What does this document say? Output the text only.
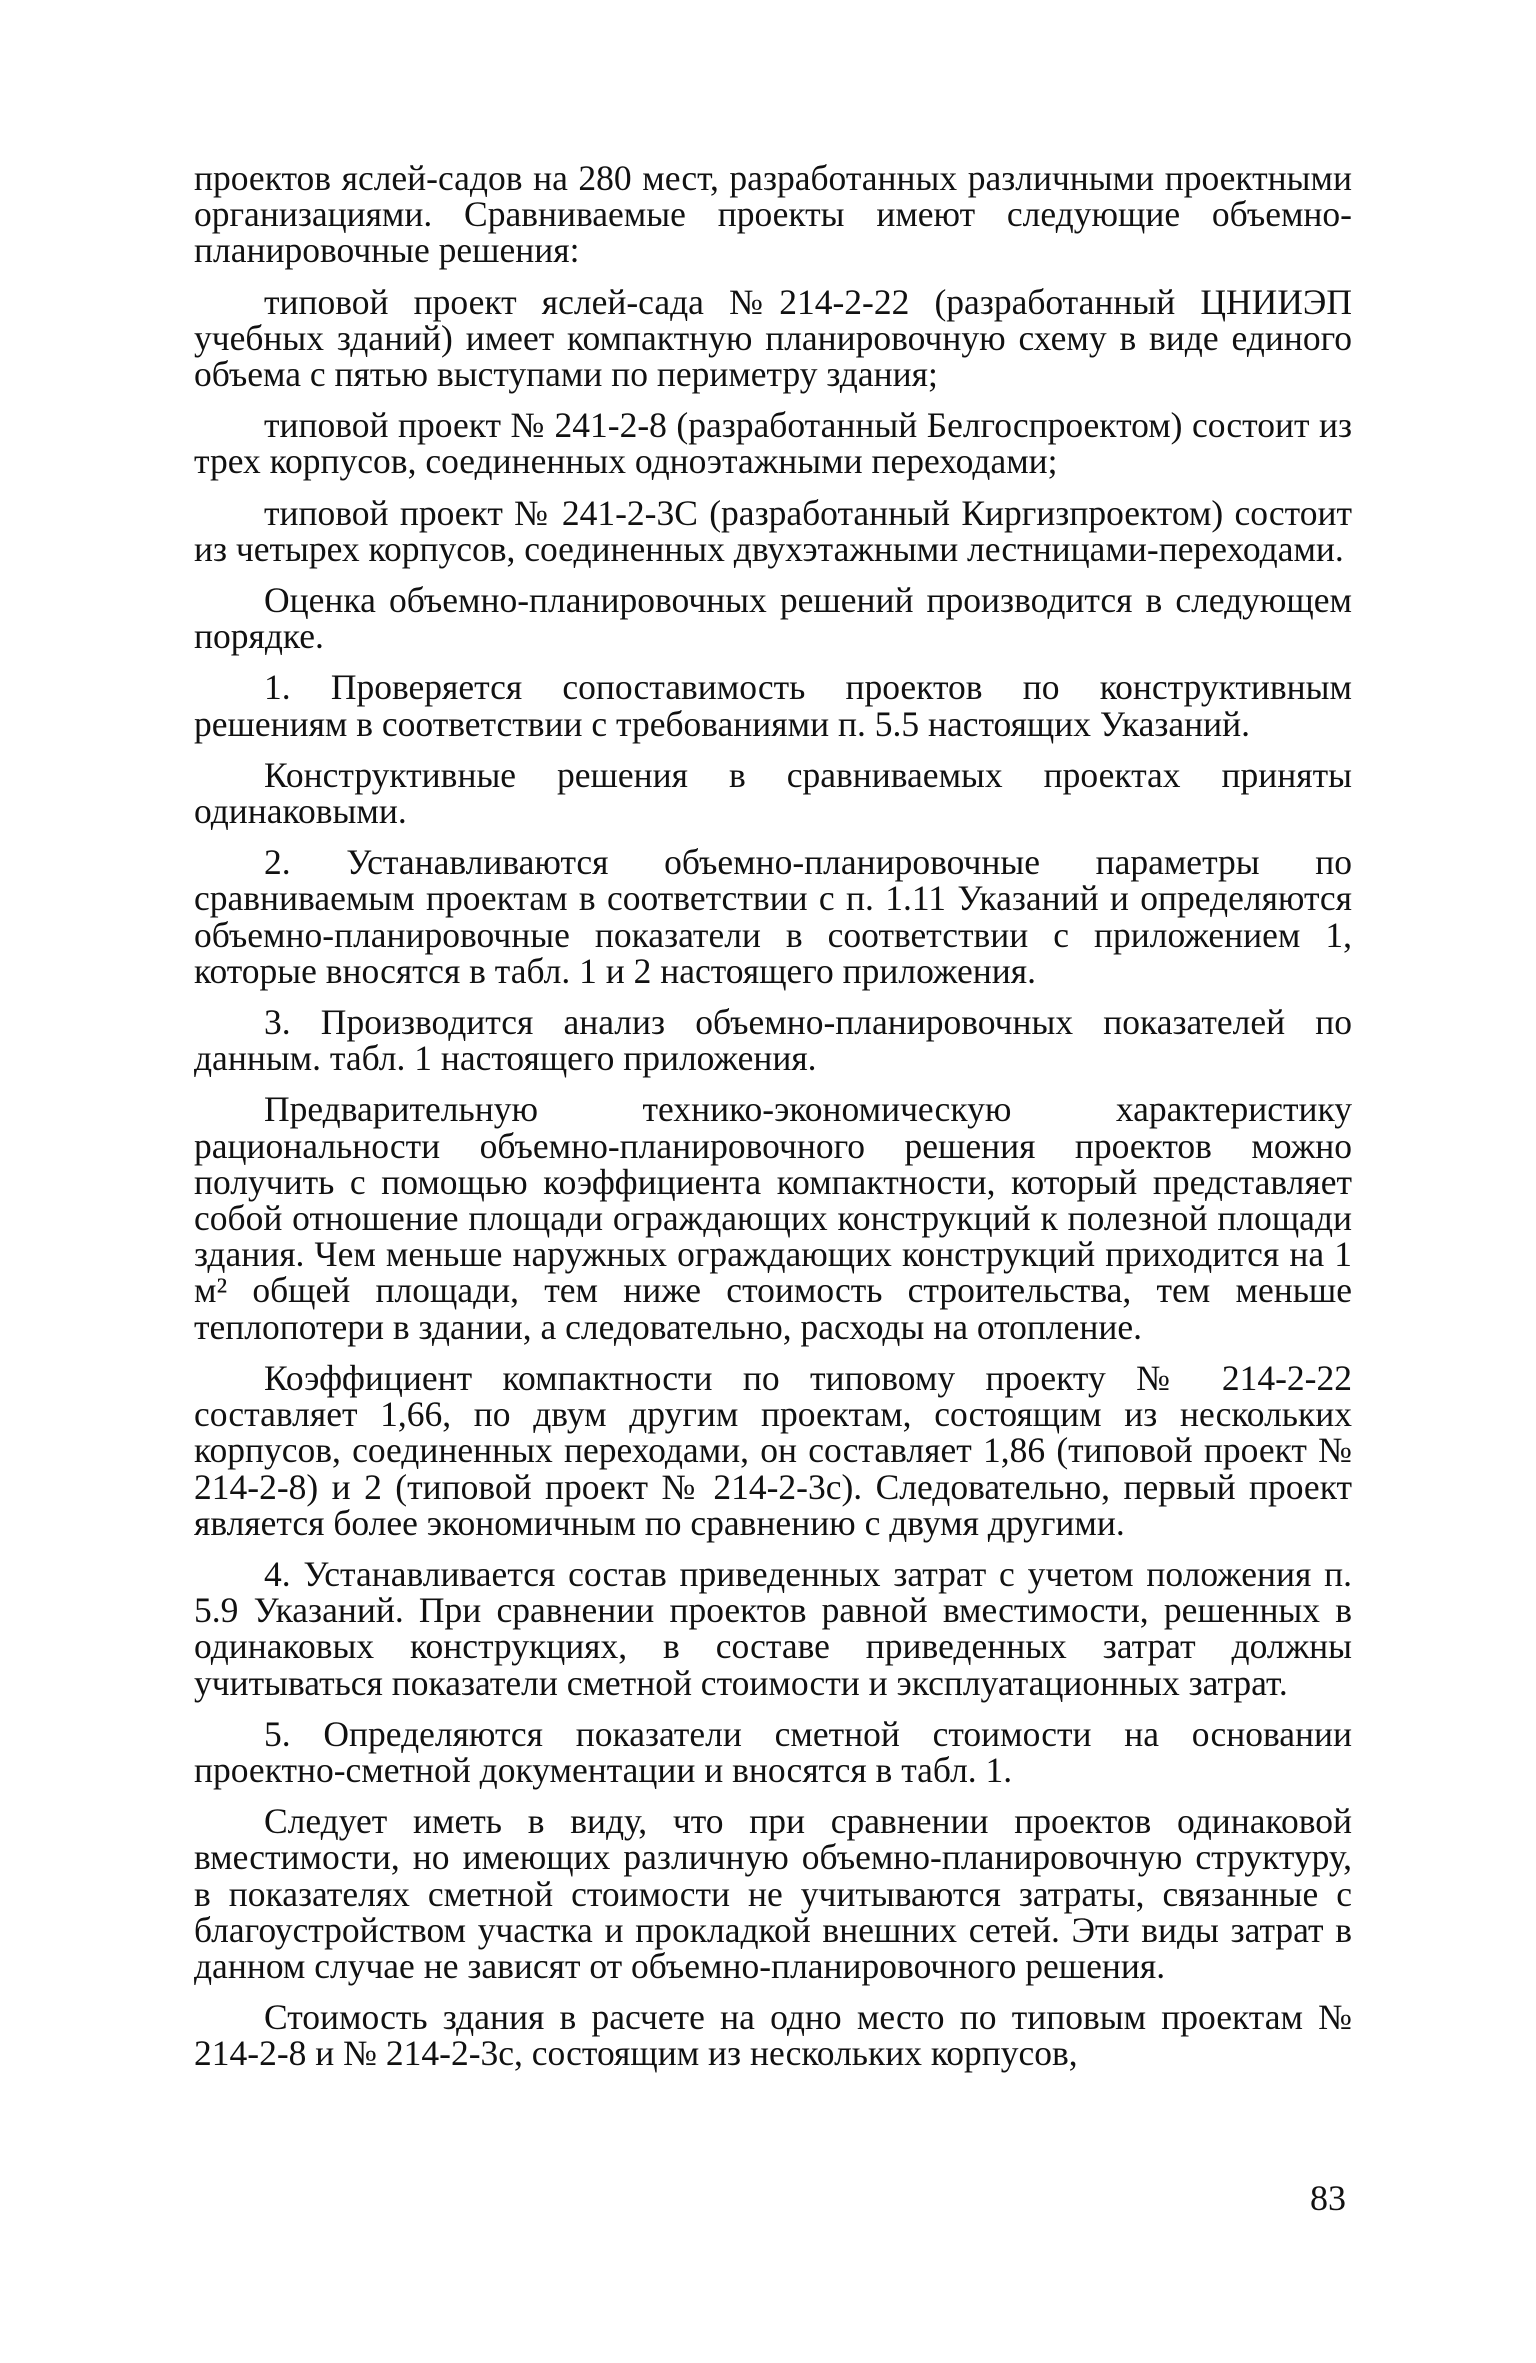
проектов яслей-садов на 280 мест, разработанных различными проектными организациями. Сравниваемые проекты имеют следующие объемно-планировочные решения:

типовой проект яслей-сада №214-2-22 (разработанный ЦНИИЭП учебных зданий) имеет компактную планировочную схему в виде единого объема с пятью выступами по периметру здания;

типовой проект № 241-2-8 (разработанный Белгоспроектом) состоит из трех корпусов, соединенных одноэтажными переходами;

типовой проект № 241-2-3С (разработанный Киргизпроектом) состоит из четырех корпусов, соединенных двухэтажными лестницами-переходами.

Оценка объемно-планировочных решений производится в следующем порядке.

1. Проверяется сопоставимость проектов по конструктивным решениям в соответствии с требованиями п. 5.5 настоящих Указаний.

Конструктивные решения в сравниваемых проектах приняты одинаковыми.

2. Устанавливаются объемно-планировочные параметры по сравниваемым проектам в соответствии с п. 1.11 Указаний и определяются объемно-планировочные показатели в соответствии с приложением 1, которые вносятся в табл. 1 и 2 настоящего приложения.

3. Производится анализ объемно-планировочных показателей по данным. табл. 1 настоящего приложения.

Предварительную технико-экономическую характеристику рациональности объемно-планировочного решения проектов можно получить с помощью коэффициента компактности, который представляет собой отношение площади ограждающих конструкций к полезной площади здания. Чем меньше наружных ограждающих конструкций приходится на 1 м² общей площади, тем ниже стоимость строительства, тем меньше теплопотери в здании, а следовательно, расходы на отопление.

Коэффициент компактности по типовому проекту № 214-2-22 составляет 1,66, по двум другим проектам, состоящим из нескольких корпусов, соединенных переходами, он составляет 1,86 (типовой проект № 214-2-8) и 2 (типовой проект № 214-2-3с). Следовательно, первый проект является более экономичным по сравнению с двумя другими.

4. Устанавливается состав приведенных затрат с учетом положения п. 5.9 Указаний. При сравнении проектов равной вместимости, решенных в одинаковых конструкциях, в составе приведенных затрат должны учитываться показатели сметной стоимости и эксплуатационных затрат.

5. Определяются показатели сметной стоимости на основании проектно-сметной документации и вносятся в табл. 1.

Следует иметь в виду, что при сравнении проектов одинаковой вместимости, но имеющих различную объемно-планировочную структуру, в показателях сметной стоимости не учитываются затраты, связанные с благоустройством участка и прокладкой внешних сетей. Эти виды затрат в данном случае не зависят от объемно-планировочного решения.

Стоимость здания в расчете на одно место по типовым проектам № 214-2-8 и № 214-2-3с, состоящим из нескольких корпусов,

83
